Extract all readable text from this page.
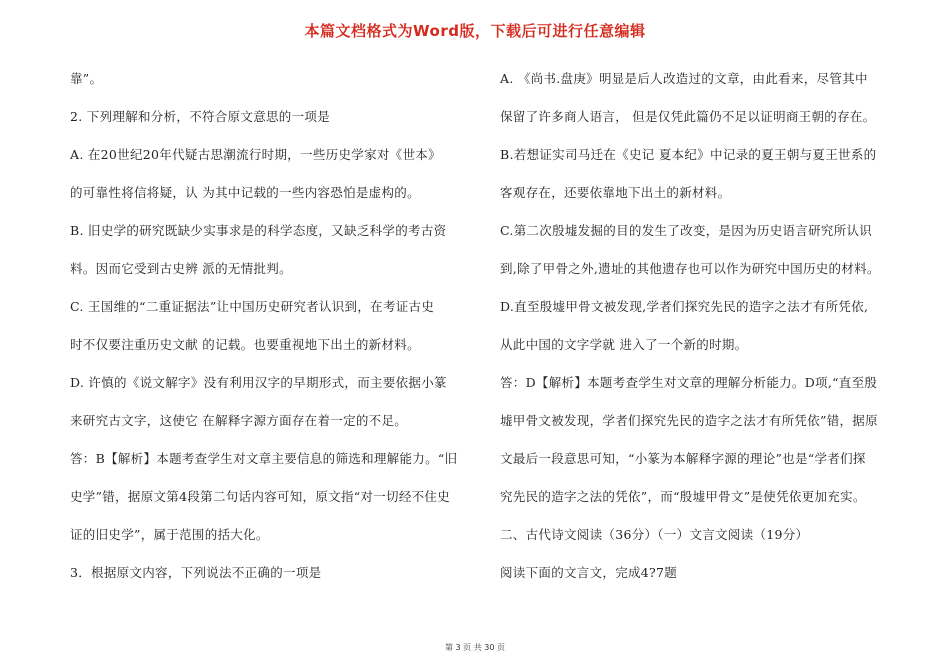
本篇文档格式为Word版，下载后可进行任意编辑

靠”。

2. 下列理解和分析，不符合原文意思的一项是

A. 在20世纪20年代疑古思潮流行时期，一些历史学家对《世本》

的可靠性将信将疑，认 为其中记载的一些内容恐怕是虚构的。

B. 旧史学的研究既缺少实事求是的科学态度，又缺乏科学的考古资

料。因而它受到古史辨 派的无情批判。

C. 王国维的“二重证据法”让中国历史研究者认识到，在考证古史

时不仅要注重历史文献 的记载。也要重视地下出土的新材料。

D. 许慎的《说文解字》没有利用汉字的早期形式，而主要依据小篆

来研究古文字，这使它 在解释字源方面存在着一定的不足。

答：B【解析】本题考查学生对文章主要信息的筛选和理解能力。“旧

史学”错，据原文第4段第二句话内容可知，原文指“对一切经不住史

证的旧史学”，属于范围的括大化。

3．根据原文内容，下列说法不正确的一项是

A. 《尚书.盘庚》明显是后人改造过的文章，由此看来，尽管其中

保留了许多商人语言， 但是仅凭此篇仍不足以证明商王朝的存在。

B.若想证实司马迁在《史记 夏本纪》中记录的夏王朝与夏王世系的

客观存在，还要依靠地下出土的新材料。

C.第二次殷墟发掘的目的发生了改变，是因为历史语言研究所认识

到,除了甲骨之外,遗址的其他遗存也可以作为研究中国历史的材料。

D.直至殷墟甲骨文被发现,学者们探究先民的造字之法才有所凭依,

从此中国的文字学就 进入了一个新的时期。

答：D【解析】本题考查学生对文章的理解分析能力。D项,“直至殷

墟甲骨文被发现，学者们探究先民的造字之法才有所凭依”错，据原

文最后一段意思可知，“小篆为本解释字源的理论”也是“学者们探

究先民的造字之法的凭依”，而“殷墟甲骨文”是使凭依更加充实。

二、古代诗文阅读（36分）（一）文言文阅读（19分）

阅读下面的文言文，完成4?7题

第 3 页 共 30 页
